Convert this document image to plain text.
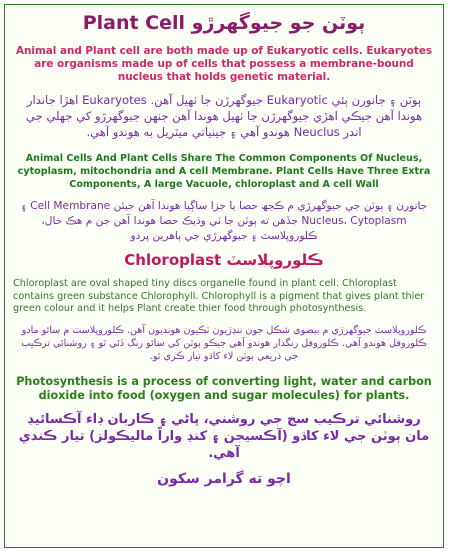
Plant Cell ٻوٽن جو جيوگهرڙو
Animal and Plant cell are both made up of Eukaryotic cells. Eukaryotes are organisms made up of cells that possess a membrane-bound nucleus that holds genetic material.
ٻوٽن ۽ جانورن ٻئي Eukaryotic جيوگهرڙن جا ٺهيل آهن. Eukaryotes اهڙا جاندار هوندا آهن جيڪي اهڙي جيوگهرڙن جا ٺهيل هوندا آهن جنهن جيوگهرڙو کي جهلي جي اندر Neuclus هوندو آهي ۽ جينياتي ميٽريل به هوندو آهي.
Animal Cells And Plant Cells Share The Common Components Of Nucleus, cytoplasm, mitochondria and A cell Membrane. Plant Cells Have Three Extra Components, A large Vacuole, chloroplast and A cell Wall
جانورن ۽ ٻوٽن جي جيوگهرڙي م ڪجھ حصا يا جزا ساڳيا هوندا آهن جيئن Cell Membrane ۽ Nucleus، Cytoplasm جڏهن ته ٻوٽن جا ٽي وڌيڪ حصا هوندا آهن جن م هڪ خال، ڪلوروپلاسٽ ۽ جيوگهرڙي جي ٻاهرين پردو
Chloroplast ڪلوروپلاسٽ
Chloroplast are oval shaped tiny discs organelle found in plant cell. Chloroplast contains green substance Chlorophyll. Chlorophyll is a pigment that gives plant thier green colour and it helps Plant create thier food through photosynthesis.
ڪلوروپلاسٽ جيوگهرڙي م بيضوي شڪل جون ننڍڙيون ٽڪيون هونديون آهن. ڪلوروپلاسٽ م سائو مادو ڪلوروفل هوندو آهي. ڪلوروفل رنگدار هوندو آهي جيڪو ٻوٽن کي سائو رنگ ڏئي ٿو ۽ روشنائي ترڪيب جي ذريعي ٻوٽن لاء کاڌو تيار ڪري ٿو.
Photosynthesis is a process of converting light, water and carbon dioxide into food (oxygen and sugar molecules) for plants.
روشنائي ترڪيب سج جي روشني، پاڻي ۽ ڪاربان ڊاء آڪسائيڊ مان ٻوٽن جي لاء کاڌو (آڪسيجن ۽ کنڊ واراً ماليڪولز) تيار ڪندي آهي.
اچو ته گرامر سکون
